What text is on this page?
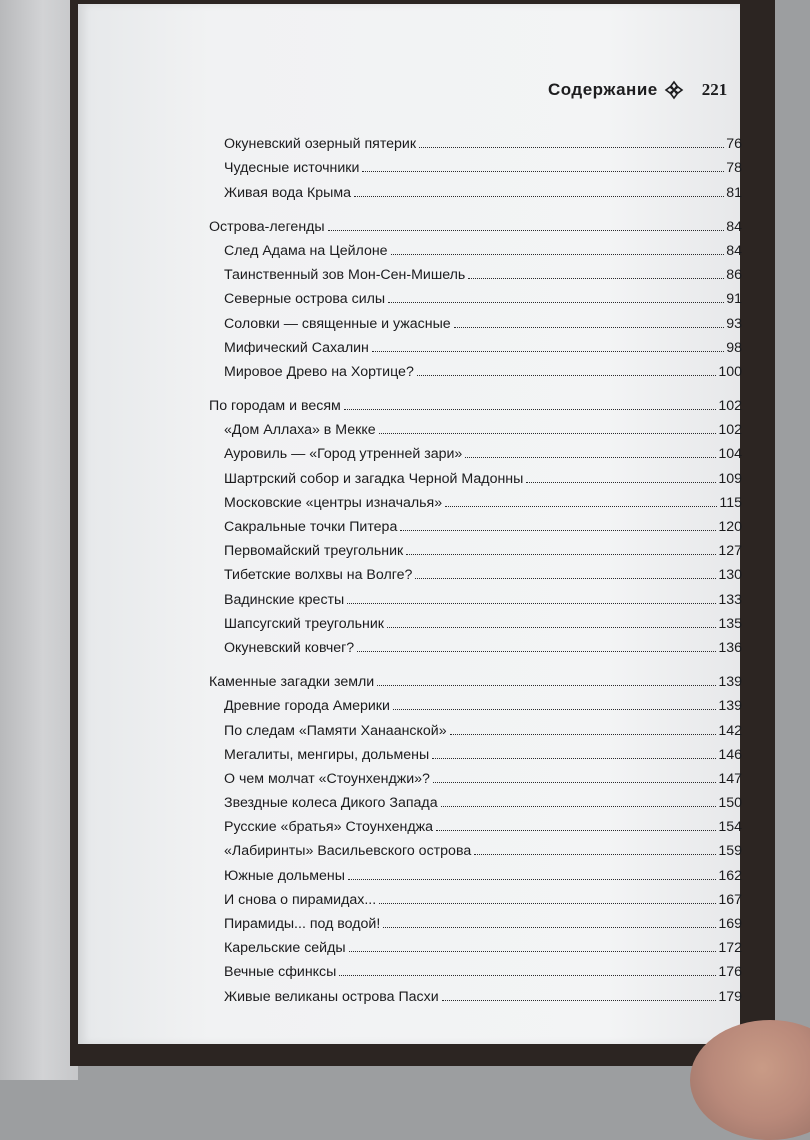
Содержание	221
Окуневский озерный пятерик	76
Чудесные источники	78
Живая вода Крыма	81
Острова-легенды	84
След Адама на Цейлоне	84
Таинственный зов Мон-Сен-Мишель	86
Северные острова силы	91
Соловки — священные и ужасные	93
Мифический Сахалин	98
Мировое Древо на Хортице?	100
По городам и весям	102
«Дом Аллаха» в Мекке	102
Ауровиль — «Город утренней зари»	104
Шартрский собор и загадка Черной Мадонны	109
Московские «центры изначалья»	115
Сакральные точки Питера	120
Первомайский треугольник	127
Тибетские волхвы на Волге?	130
Вадинские кресты	133
Шапсугский треугольник	135
Окуневский ковчег?	136
Каменные загадки земли	139
Древние города Америки	139
По следам «Памяти Ханаанской»	142
Мегалиты, менгиры, дольмены	146
О чем молчат «Стоунхенджи»?	147
Звездные колеса Дикого Запада	150
Русские «братья» Стоунхенджа	154
«Лабиринты» Васильевского острова	159
Южные дольмены	162
И снова о пирамидах...	167
Пирамиды... под водой!	169
Карельские сейды	172
Вечные сфинксы	176
Живые великаны острова Пасхи	179
